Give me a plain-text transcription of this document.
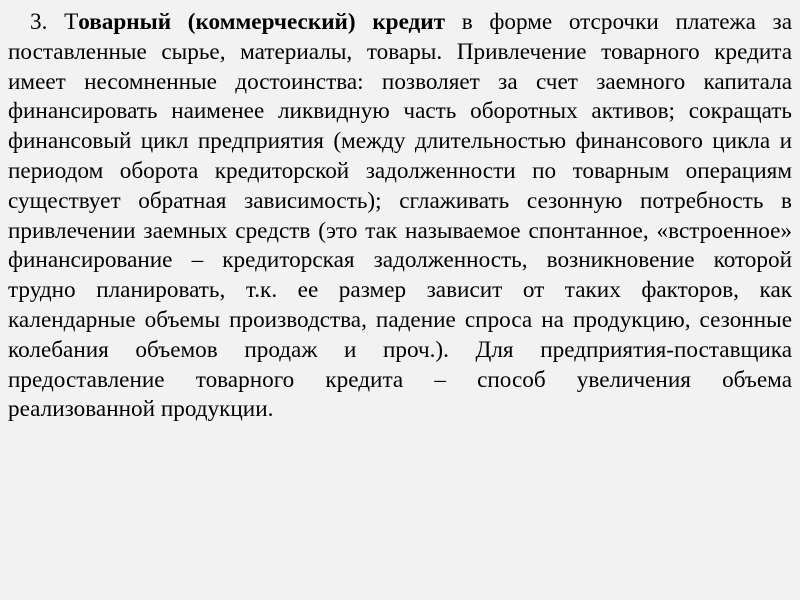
3. Товарный (коммерческий) кредит в форме отсрочки платежа за поставленные сырье, материалы, товары. Привлечение товарного кредита имеет несомненные достоинства: позволяет за счет заемного капитала финансировать наименее ликвидную часть оборотных активов; сокращать финансовый цикл предприятия (между длительностью финансового цикла и периодом оборота кредиторской задолженности по товарным операциям существует обратная зависимость); сглаживать сезонную потребность в привлечении заемных средств (это так называемое спонтанное, «встроенное» финансирование – кредиторская задолженность, возникновение которой трудно планировать, т.к. ее размер зависит от таких факторов, как календарные объемы производства, падение спроса на продукцию, сезонные колебания объемов продаж и проч.). Для предприятия-поставщика предоставление товарного кредита – способ увеличения объема реализованной продукции.
